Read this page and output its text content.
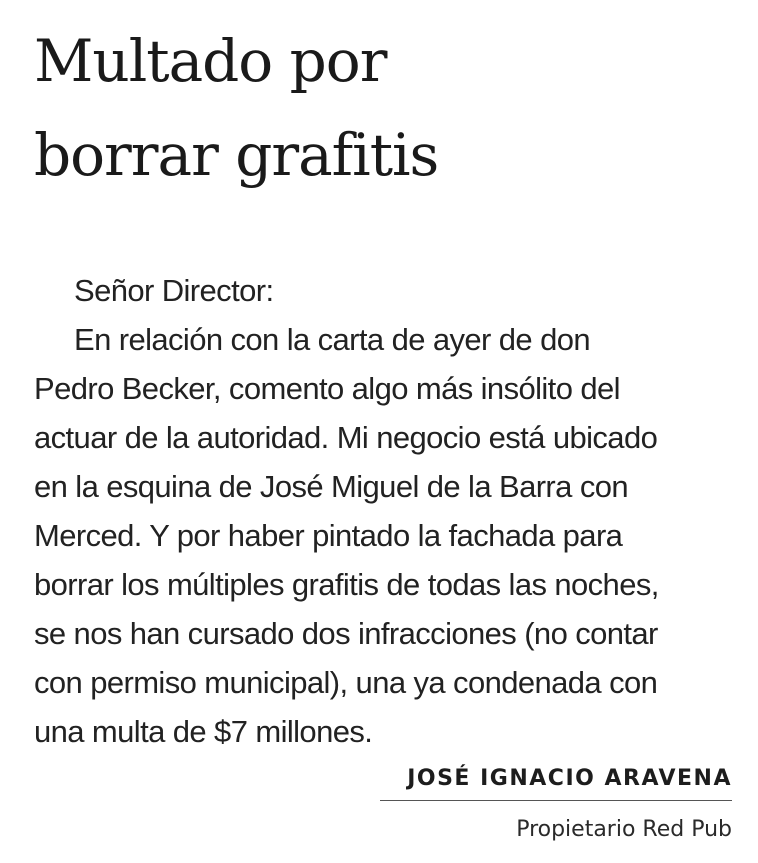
Multado por
borrar grafitis
Señor Director:
En relación con la carta de ayer de don
Pedro Becker, comento algo más insólito del
actuar de la autoridad. Mi negocio está ubicado
en la esquina de José Miguel de la Barra con
Merced. Y por haber pintado la fachada para
borrar los múltiples grafitis de todas las noches,
se nos han cursado dos infracciones (no contar
con permiso municipal), una ya condenada con
una multa de $7 millones.
JOSÉ IGNACIO ARAVENA
Propietario Red Pub
